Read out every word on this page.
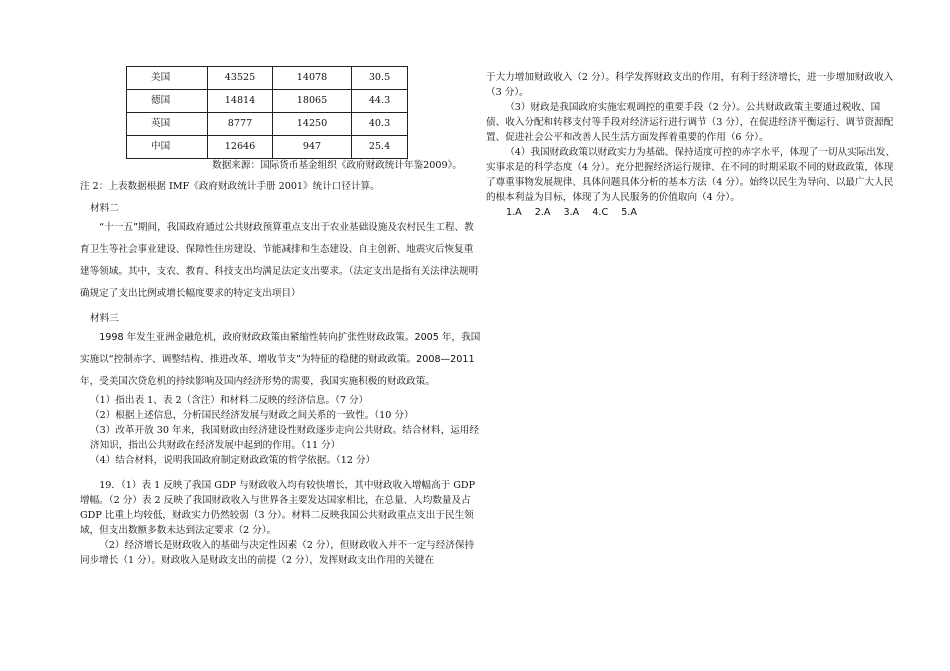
美国	43525	14078	30.5
德国	14814	18065	44.3
英国	8777	14250	40.3
中国	12646	947	25.4

数据来源：国际货币基金组织《政府财政统计年鉴2009》。

注 2：上表数据根据 IMF《政府财政统计手册 2001》统计口径计算。

材料二

“十一五”期间，我国政府通过公共财政预算重点支出于农业基础设施及农村民生工程、教育卫生等社会事业建设、保障性住房建设、节能减排和生态建设、自主创新、地震灾后恢复重建等领域。其中，支农、教育、科技支出均满足法定支出要求。（法定支出是指有关法律法规明确规定了支出比例或增长幅度要求的特定支出项目）

材料三

1998 年发生亚洲金融危机，政府财政政策由紧缩性转向扩张性财政政策。2005 年，我国实施以“控制赤字、调整结构、推进改革、增收节支”为特征的稳健的财政政策。2008—2011 年，受美国次贷危机的持续影响及国内经济形势的需要，我国实施积极的财政政策。

（1）指出表 1、表 2（含注）和材料二反映的经济信息。（7 分）

（2）根据上述信息，分析国民经济发展与财政之间关系的一致性。（10 分）

（3）改革开放 30 年来，我国财政由经济建设性财政逐步走向公共财政。结合材料，运用经济知识，指出公共财政在经济发展中起到的作用。（11 分）

（4）结合材料，说明我国政府制定财政政策的哲学依据。（12 分）

19．（1）表 1 反映了我国 GDP 与财政收入均有较快增长，其中财政收入增幅高于 GDP 增幅。（2 分）表 2 反映了我国财政收入与世界各主要发达国家相比，在总量、人均数量及占 GDP 比重上均较低，财政实力仍然较弱（3 分）。材料二反映我国公共财政重点支出于民生领域，但支出数额多数未达到法定要求（2 分）。

（2）经济增长是财政收入的基础与决定性因素（2 分），但财政收入并不一定与经济保持同步增长（1 分）。财政收入是财政支出的前提（2 分），发挥财政支出作用的关键在

于大力增加财政收入（2 分）。科学发挥财政支出的作用，有利于经济增长，进一步增加财政收入（3 分）。

（3）财政是我国政府实施宏观调控的重要手段（2 分）。公共财政政策主要通过税收、国债、收入分配和转移支付等手段对经济运行进行调节（3 分），在促进经济平衡运行、调节资源配置、促进社会公平和改善人民生活方面发挥着重要的作用（6 分）。

（4）我国财政政策以财政实力为基础、保持适度可控的赤字水平，体现了一切从实际出发、实事求是的科学态度（4 分）。充分把握经济运行规律、在不同的时期采取不同的财政政策，体现了尊重事物发展规律、具体问题具体分析的基本方法（4 分）。始终以民生为导向、以最广大人民的根本利益为目标，体现了为人民服务的价值取向（4 分）。

1.A 2.A 3.A 4.C 5.A
